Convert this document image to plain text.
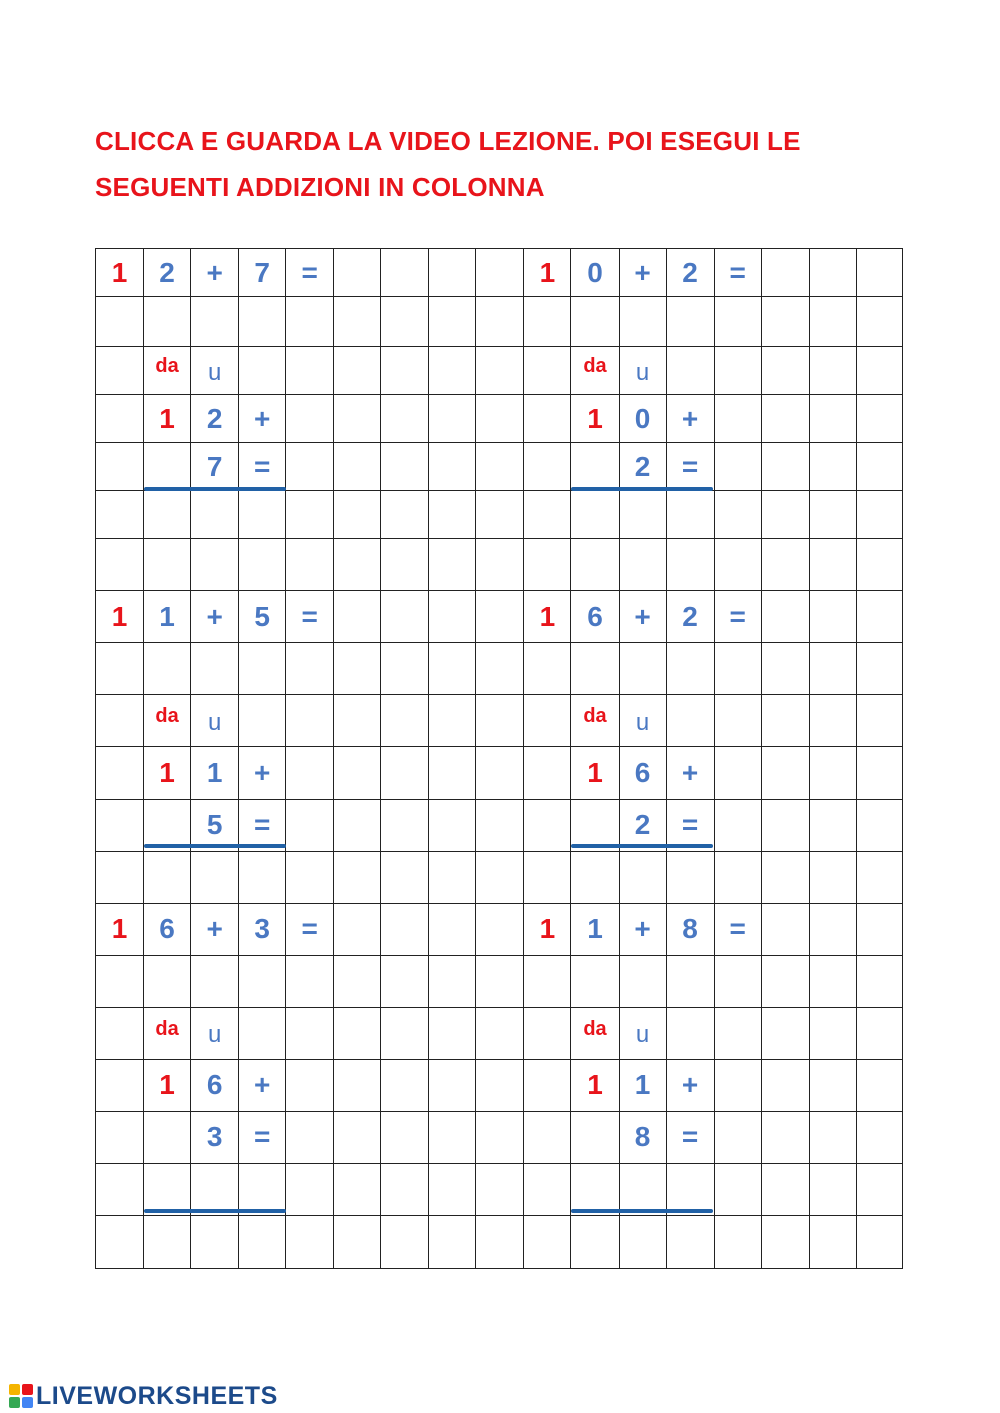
CLICCA E GUARDA LA VIDEO LEZIONE. POI ESEGUI LE
SEGUENTI ADDIZIONI IN COLONNA
1	2	+	7	=					1	0	+	2	=			

	da	u								da	u					
	1	2	+							1	0	+				
		7	=								2	=				

1	1	+	5	=					1	6	+	2	=			

	da	u								da	u					
	1	1	+							1	6	+				
		5	=								2	=				

1	6	+	3	=					1	1	+	8	=			

	da	u								da	u					
	1	6	+							1	1	+				
		3	=								8	=				

LIVEWORKSHEETS
